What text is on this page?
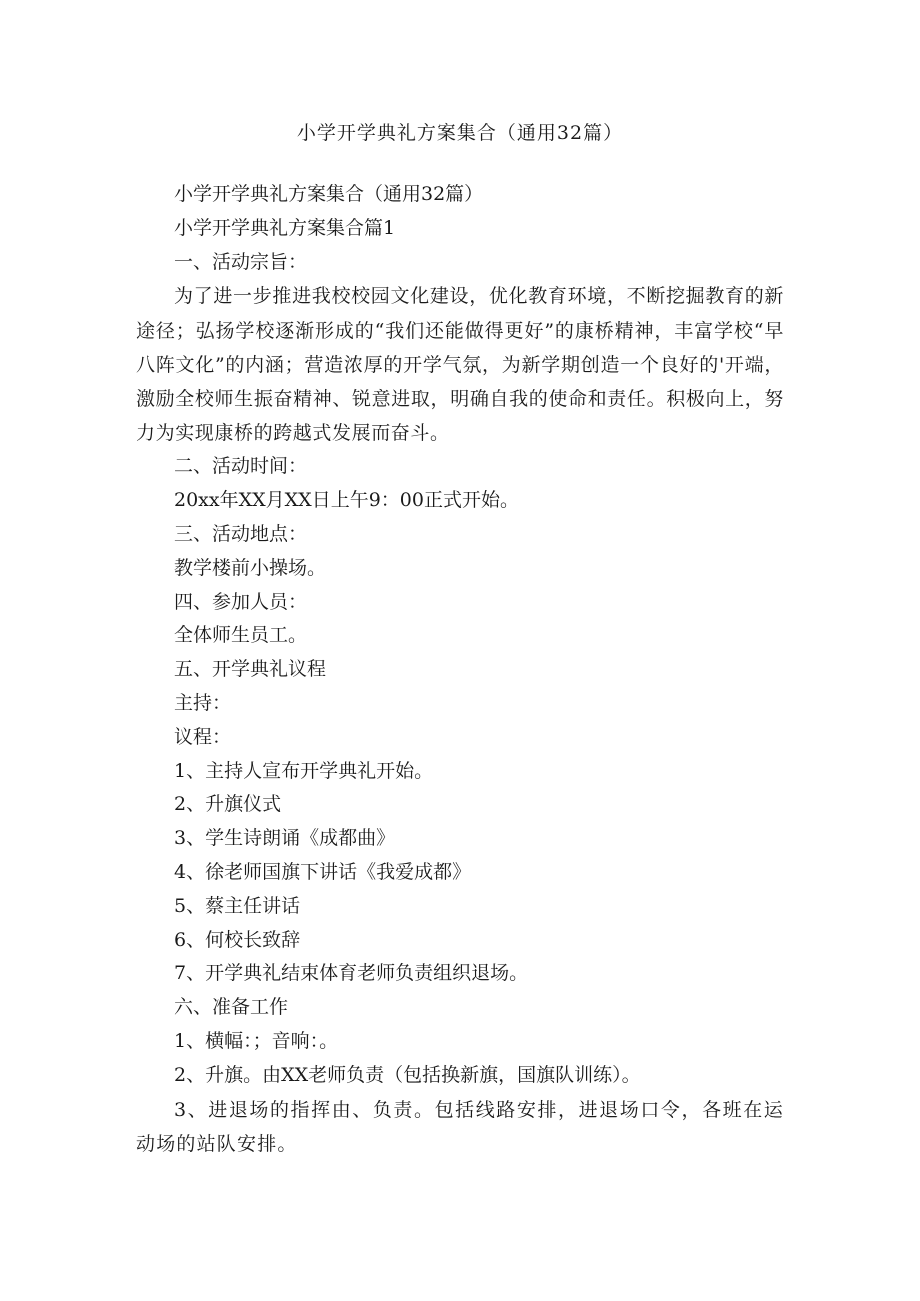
小学开学典礼方案集合（通用32篇）
小学开学典礼方案集合（通用32篇）
小学开学典礼方案集合篇1
一、活动宗旨：
为了进一步推进我校校园文化建设，优化教育环境，不断挖掘教育的新途径；弘扬学校逐渐形成的“我们还能做得更好”的康桥精神，丰富学校“早八阵文化”的内涵；营造浓厚的开学气氛，为新学期创造一个良好的'开端，激励全校师生振奋精神、锐意进取，明确自我的使命和责任。积极向上，努力为实现康桥的跨越式发展而奋斗。
二、活动时间：
20xx年XX月XX日上午9：00正式开始。
三、活动地点：
教学楼前小操场。
四、参加人员：
全体师生员工。
五、开学典礼议程
主持：
议程：
1、主持人宣布开学典礼开始。
2、升旗仪式
3、学生诗朗诵《成都曲》
4、徐老师国旗下讲话《我爱成都》
5、蔡主任讲话
6、何校长致辞
7、开学典礼结束体育老师负责组织退场。
六、准备工作
1、横幅：；音响：。
2、升旗。由XX老师负责（包括换新旗，国旗队训练）。
3、进退场的指挥由、负责。包括线路安排，进退场口令，各班在运动场的站队安排。
